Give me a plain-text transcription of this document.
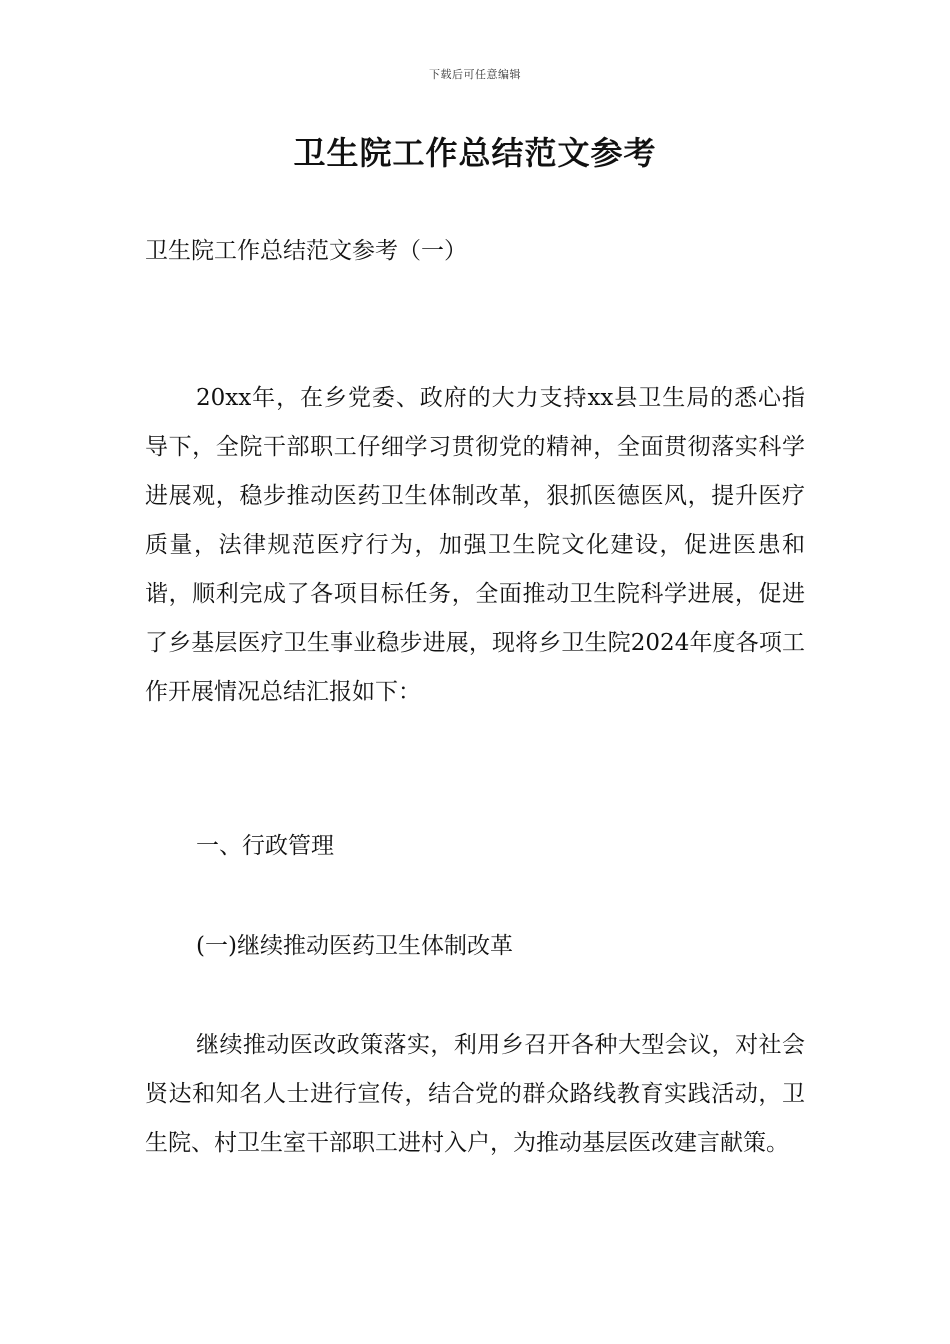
下载后可任意编辑
卫生院工作总结范文参考
卫生院工作总结范文参考（一）

20xx年，在乡党委、政府的大力支持xx县卫生局的悉心指导下，全院干部职工仔细学习贯彻党的精神，全面贯彻落实科学进展观，稳步推动医药卫生体制改革，狠抓医德医风，提升医疗质量，法律规范医疗行为，加强卫生院文化建设，促进医患和谐，顺利完成了各项目标任务，全面推动卫生院科学进展，促进了乡基层医疗卫生事业稳步进展，现将乡卫生院2024年度各项工作开展情况总结汇报如下：

一、行政管理

(一)继续推动医药卫生体制改革

继续推动医改政策落实，利用乡召开各种大型会议，对社会贤达和知名人士进行宣传，结合党的群众路线教育实践活动，卫生院、村卫生室干部职工进村入户，为推动基层医改建言献策。
